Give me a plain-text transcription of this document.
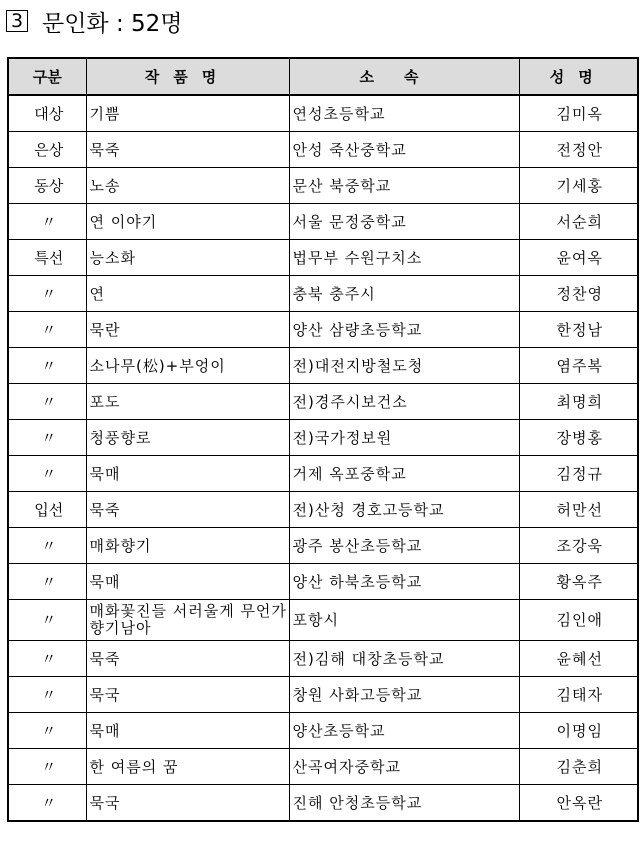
3 문인화 : 52명
구분	작품명	소속	성명
대상	기쁨	연성초등학교	김미옥
은상	묵죽	안성 죽산중학교	전정안
동상	노송	문산 북중학교	기세홍
〃	연 이야기	서울 문정중학교	서순희
특선	능소화	법무부 수원구치소	윤여옥
〃	연	충북 충주시	정찬영
〃	묵란	양산 삼량초등학교	한정남
〃	소나무(松)+부엉이	전)대전지방철도청	염주복
〃	포도	전)경주시보건소	최명희
〃	청풍향로	전)국가정보원	장병홍
〃	묵매	거제 옥포중학교	김정규
입선	묵죽	전)산청 경호고등학교	허만선
〃	매화향기	광주 봉산초등학교	조강욱
〃	묵매	양산 하북초등학교	황옥주
〃	매화꽃진들 서러울게 무언가 향기남아	포항시	김인애
〃	묵죽	전)김해 대창초등학교	윤혜선
〃	묵국	창원 사화고등학교	김태자
〃	묵매	양산초등학교	이명임
〃	한 여름의 꿈	산곡여자중학교	김춘희
〃	묵국	진해 안청초등학교	안옥란
